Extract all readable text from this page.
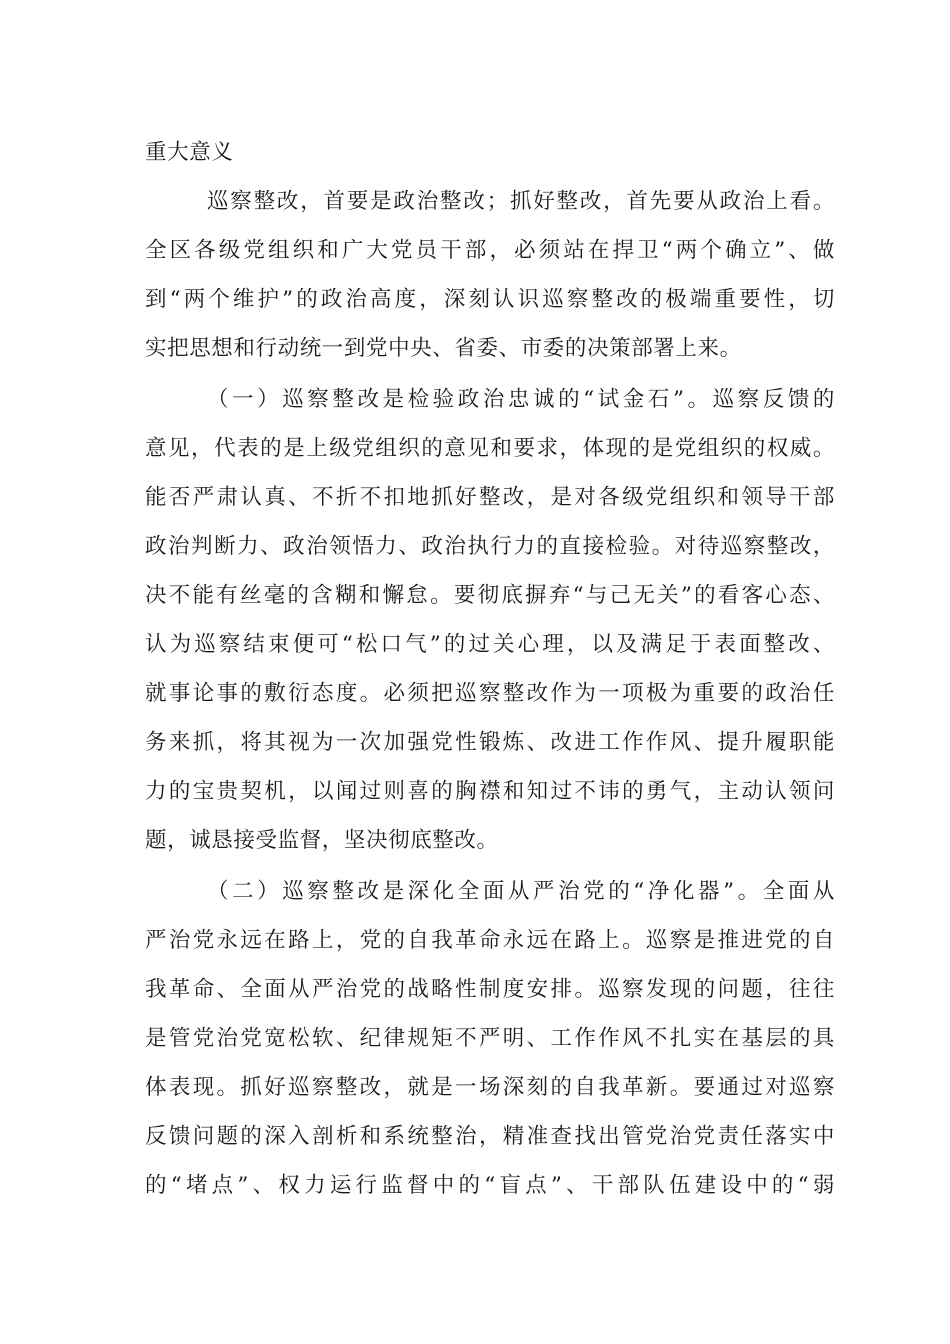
重大意义
巡察整改，首要是政治整改；抓好整改，首先要从政治上看。
全区各级党组织和广大党员干部，必须站在捍卫“两个确立”、做
到“两个维护”的政治高度，深刻认识巡察整改的极端重要性，切
实把思想和行动统一到党中央、省委、市委的决策部署上来。
（一）巡察整改是检验政治忠诚的“试金石”。巡察反馈的
意见，代表的是上级党组织的意见和要求，体现的是党组织的权威。
能否严肃认真、不折不扣地抓好整改，是对各级党组织和领导干部
政治判断力、政治领悟力、政治执行力的直接检验。对待巡察整改，
决不能有丝毫的含糊和懈怠。要彻底摒弃“与己无关”的看客心态、
认为巡察结束便可“松口气”的过关心理，以及满足于表面整改、
就事论事的敷衍态度。必须把巡察整改作为一项极为重要的政治任
务来抓，将其视为一次加强党性锻炼、改进工作作风、提升履职能
力的宝贵契机，以闻过则喜的胸襟和知过不讳的勇气，主动认领问
题，诚恳接受监督，坚决彻底整改。
（二）巡察整改是深化全面从严治党的“净化器”。全面从
严治党永远在路上，党的自我革命永远在路上。巡察是推进党的自
我革命、全面从严治党的战略性制度安排。巡察发现的问题，往往
是管党治党宽松软、纪律规矩不严明、工作作风不扎实在基层的具
体表现。抓好巡察整改，就是一场深刻的自我革新。要通过对巡察
反馈问题的深入剖析和系统整治，精准查找出管党治党责任落实中
的“堵点”、权力运行监督中的“盲点”、干部队伍建设中的“弱
